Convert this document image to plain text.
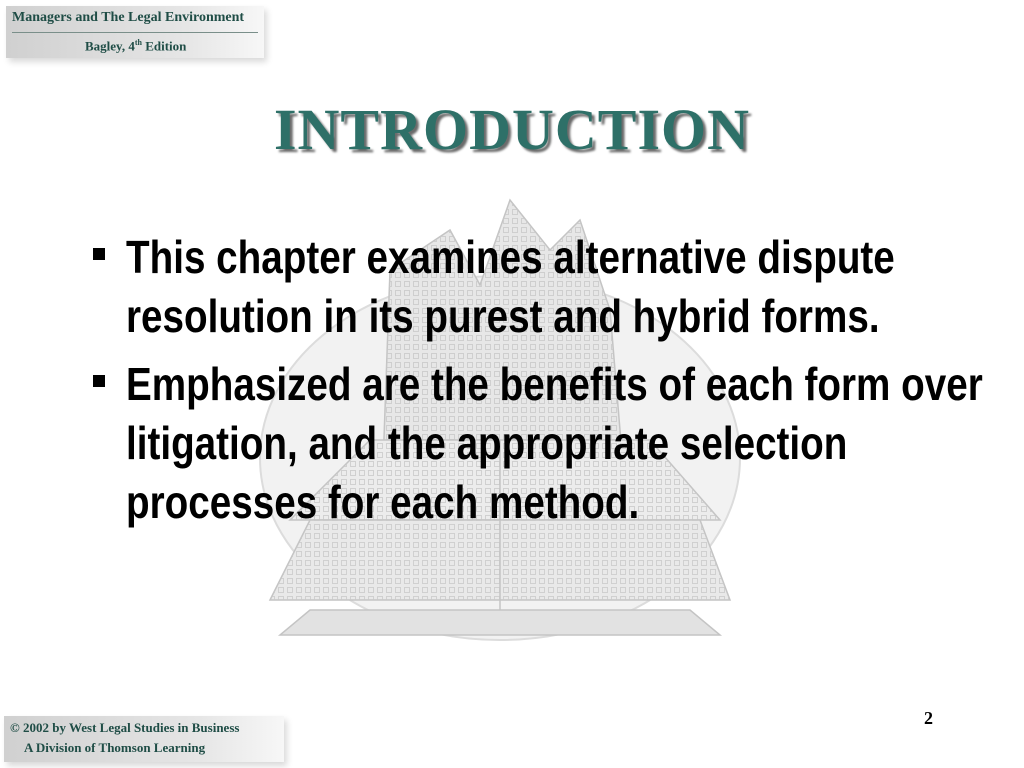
Managers and The Legal Environment
Bagley, 4th Edition
INTRODUCTION
This chapter examines alternative dispute resolution in its purest and hybrid forms.
Emphasized are the benefits of each form over litigation, and the appropriate selection processes for each method.
2
© 2002 by West Legal Studies in Business
A Division of Thomson Learning
